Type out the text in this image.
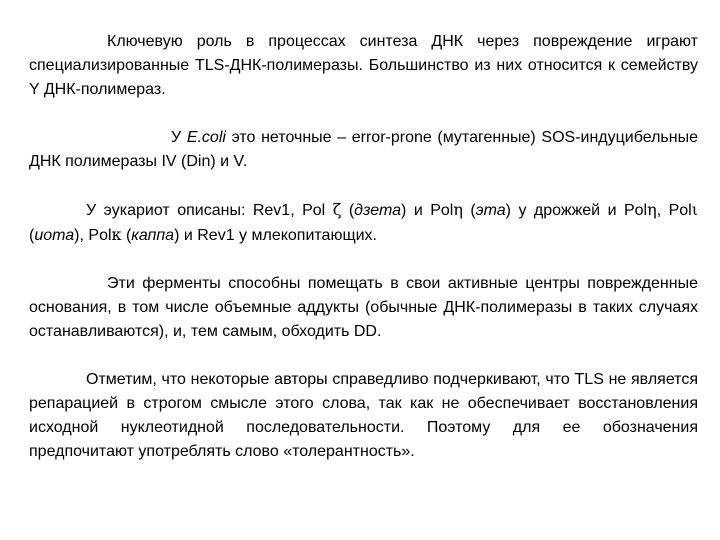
Ключевую роль в процессах синтеза ДНК через повреждение играют специализированные TLS-ДНК-полимеразы. Большинство из них относится к семейству Y ДНК-полимераз.

У E.coli это неточные – error-prone (мутагенные) SOS-индуцибельные ДНК полимеразы IV (Din) и V.

У эукариот описаны: Rev1, Pol ζ (дзета) и Polη (эта) у дрожжей и Polη, Polι (иота), Polκ (каппа) и Rev1 у млекопитающих.

Эти ферменты способны помещать в свои активные центры поврежденные основания, в том числе объемные аддукты (обычные ДНК-полимеразы в таких случаях останавливаются), и, тем самым, обходить DD.

Отметим, что некоторые авторы справедливо подчеркивают, что TLS не является репарацией в строгом смысле этого слова, так как не обеспечивает восстановления исходной нуклеотидной последовательности. Поэтому для ее обозначения предпочитают употреблять слово «толерантность».
